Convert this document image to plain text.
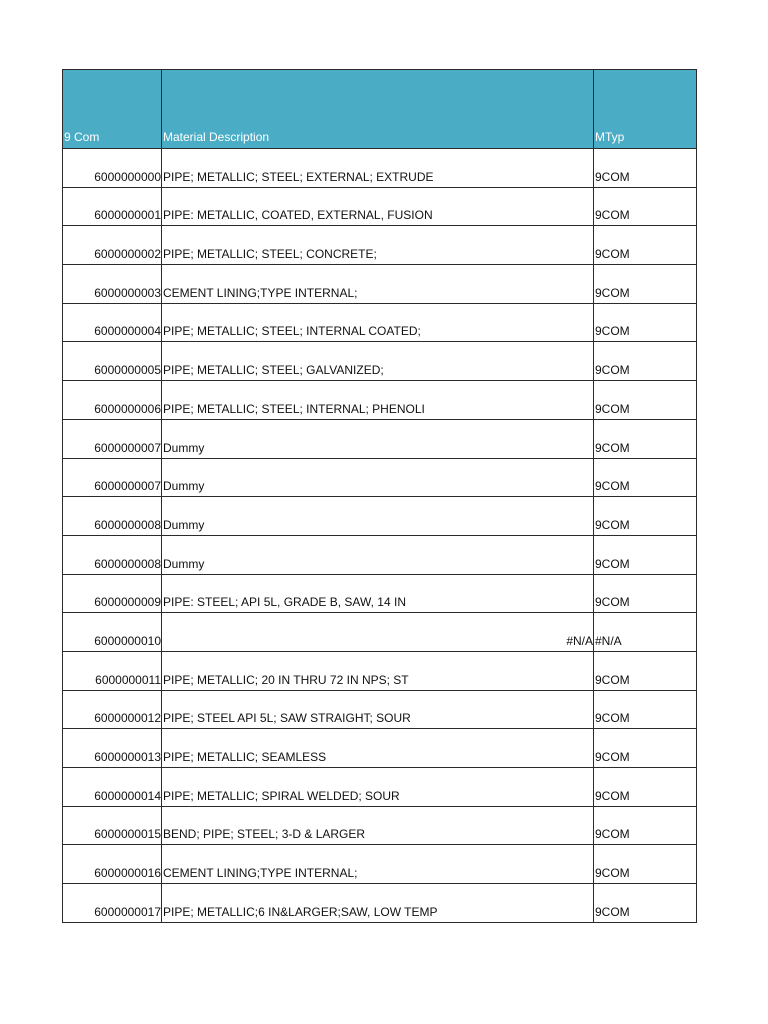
9 Com	Material Description	MTyp
6000000000	PIPE; METALLIC; STEEL; EXTERNAL; EXTRUDE	9COM
6000000001	PIPE: METALLIC, COATED, EXTERNAL, FUSION	9COM
6000000002	PIPE; METALLIC; STEEL; CONCRETE;	9COM
6000000003	CEMENT LINING;TYPE INTERNAL;	9COM
6000000004	PIPE; METALLIC; STEEL; INTERNAL COATED;	9COM
6000000005	PIPE; METALLIC; STEEL; GALVANIZED;	9COM
6000000006	PIPE; METALLIC; STEEL; INTERNAL; PHENOLI	9COM
6000000007	Dummy	9COM
6000000007	Dummy	9COM
6000000008	Dummy	9COM
6000000008	Dummy	9COM
6000000009	PIPE: STEEL; API 5L, GRADE B, SAW, 14 IN	9COM
6000000010	#N/A	#N/A
6000000011	PIPE; METALLIC; 20 IN THRU 72 IN NPS; ST	9COM
6000000012	PIPE; STEEL API 5L; SAW STRAIGHT; SOUR	9COM
6000000013	PIPE; METALLIC; SEAMLESS	9COM
6000000014	PIPE; METALLIC; SPIRAL WELDED; SOUR	9COM
6000000015	BEND; PIPE; STEEL; 3-D & LARGER	9COM
6000000016	CEMENT LINING;TYPE INTERNAL;	9COM
6000000017	PIPE; METALLIC;6 IN&LARGER;SAW, LOW TEMP	9COM
